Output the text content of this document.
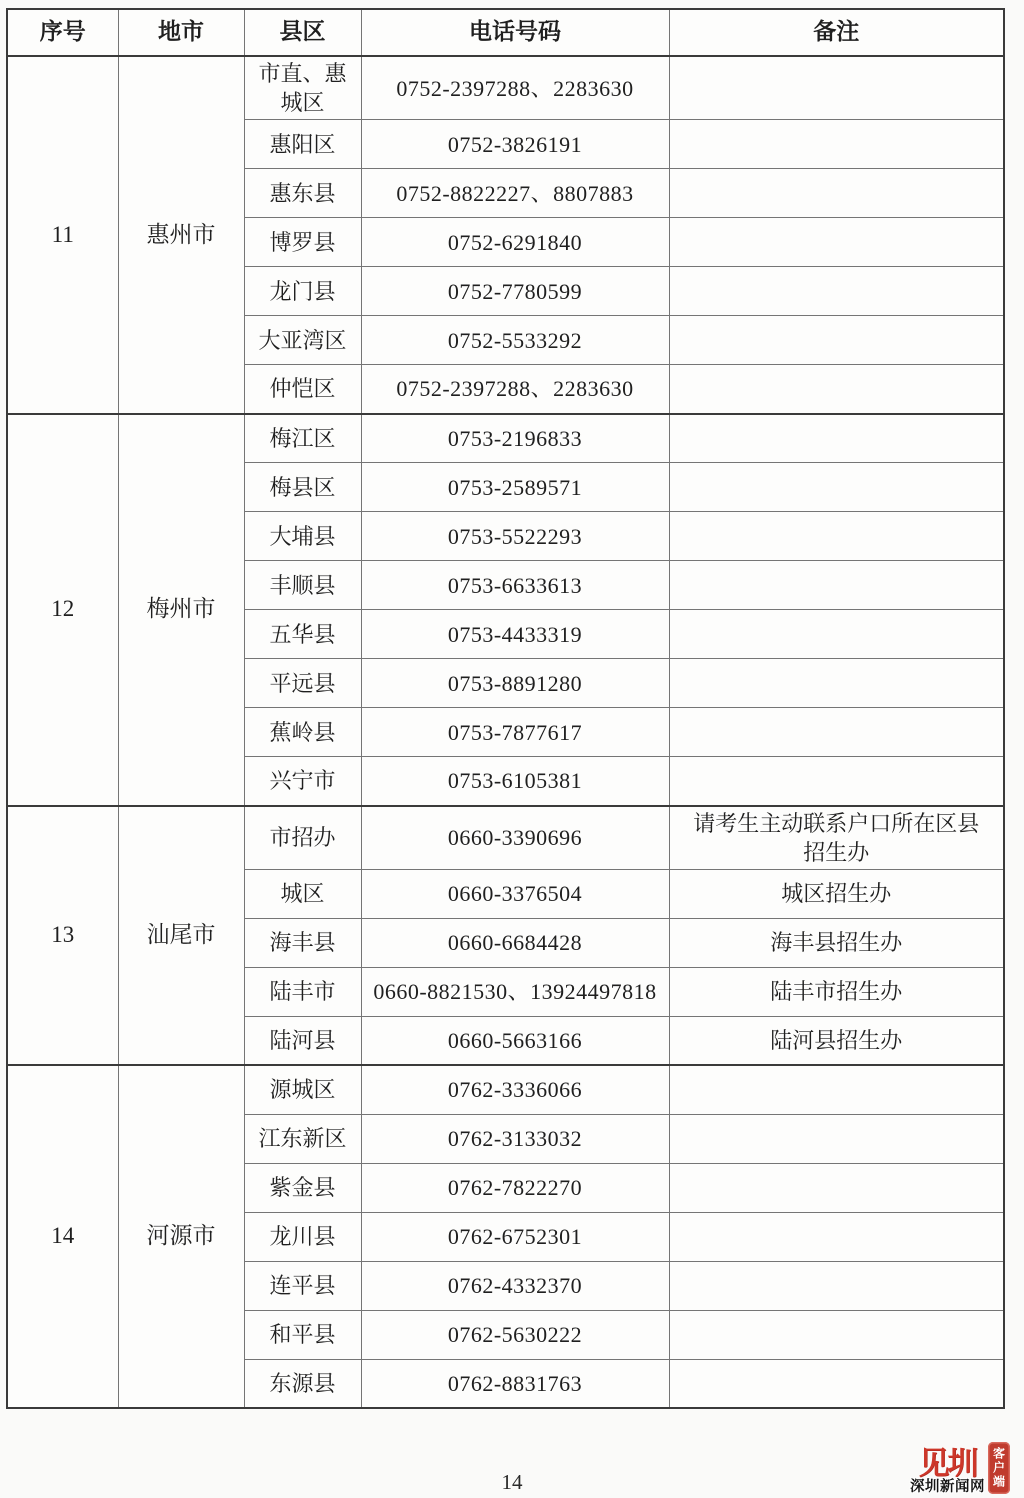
序号	地市	县区	电话号码	备注
11	惠州市	市直、惠城区	0752-2397288、2283630	
		惠阳区	0752-3826191	
		惠东县	0752-8822227、8807883	
		博罗县	0752-6291840	
		龙门县	0752-7780599	
		大亚湾区	0752-5533292	
		仲恺区	0752-2397288、2283630	
12	梅州市	梅江区	0753-2196833	
		梅县区	0753-2589571	
		大埔县	0753-5522293	
		丰顺县	0753-6633613	
		五华县	0753-4433319	
		平远县	0753-8891280	
		蕉岭县	0753-7877617	
		兴宁市	0753-6105381	
13	汕尾市	市招办	0660-3390696	请考生主动联系户口所在区县招生办
		城区	0660-3376504	城区招生办
		海丰县	0660-6684428	海丰县招生办
		陆丰市	0660-8821530、13924497818	陆丰市招生办
		陆河县	0660-5663166	陆河县招生办
14	河源市	源城区	0762-3336066	
		江东新区	0762-3133032	
		紫金县	0762-7822270	
		龙川县	0762-6752301	
		连平县	0762-4332370	
		和平县	0762-5630222	
		东源县	0762-8831763	
14
见圳
深圳新闻网 客户端
